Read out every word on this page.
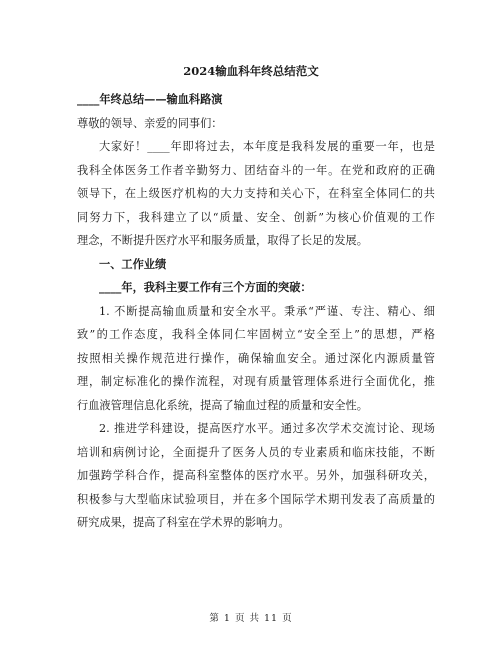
2024输血科年终总结范文
____年终总结——输血科路演
尊敬的领导、亲爱的同事们：
大家好！____年即将过去，本年度是我科发展的重要一年，也是
我科全体医务工作者辛勤努力、团结奋斗的一年。在党和政府的正确
领导下，在上级医疗机构的大力支持和关心下，在科室全体同仁的共
同努力下，我科建立了以“质量、安全、创新”为核心价值观的工作
理念，不断提升医疗水平和服务质量，取得了长足的发展。
一、工作业绩
____年，我科主要工作有三个方面的突破：
1. 不断提高输血质量和安全水平。秉承“严谨、专注、精心、细
致”的工作态度，我科全体同仁牢固树立“安全至上”的思想，严格
按照相关操作规范进行操作，确保输血安全。通过深化内源质量管
理，制定标准化的操作流程，对现有质量管理体系进行全面优化，推
行血液管理信息化系统，提高了输血过程的质量和安全性。
2. 推进学科建设，提高医疗水平。通过多次学术交流讨论、现场
培训和病例讨论，全面提升了医务人员的专业素质和临床技能，不断
加强跨学科合作，提高科室整体的医疗水平。另外，加强科研攻关，
积极参与大型临床试验项目，并在多个国际学术期刊发表了高质量的
研究成果，提高了科室在学术界的影响力。
第 1 页 共 11 页
